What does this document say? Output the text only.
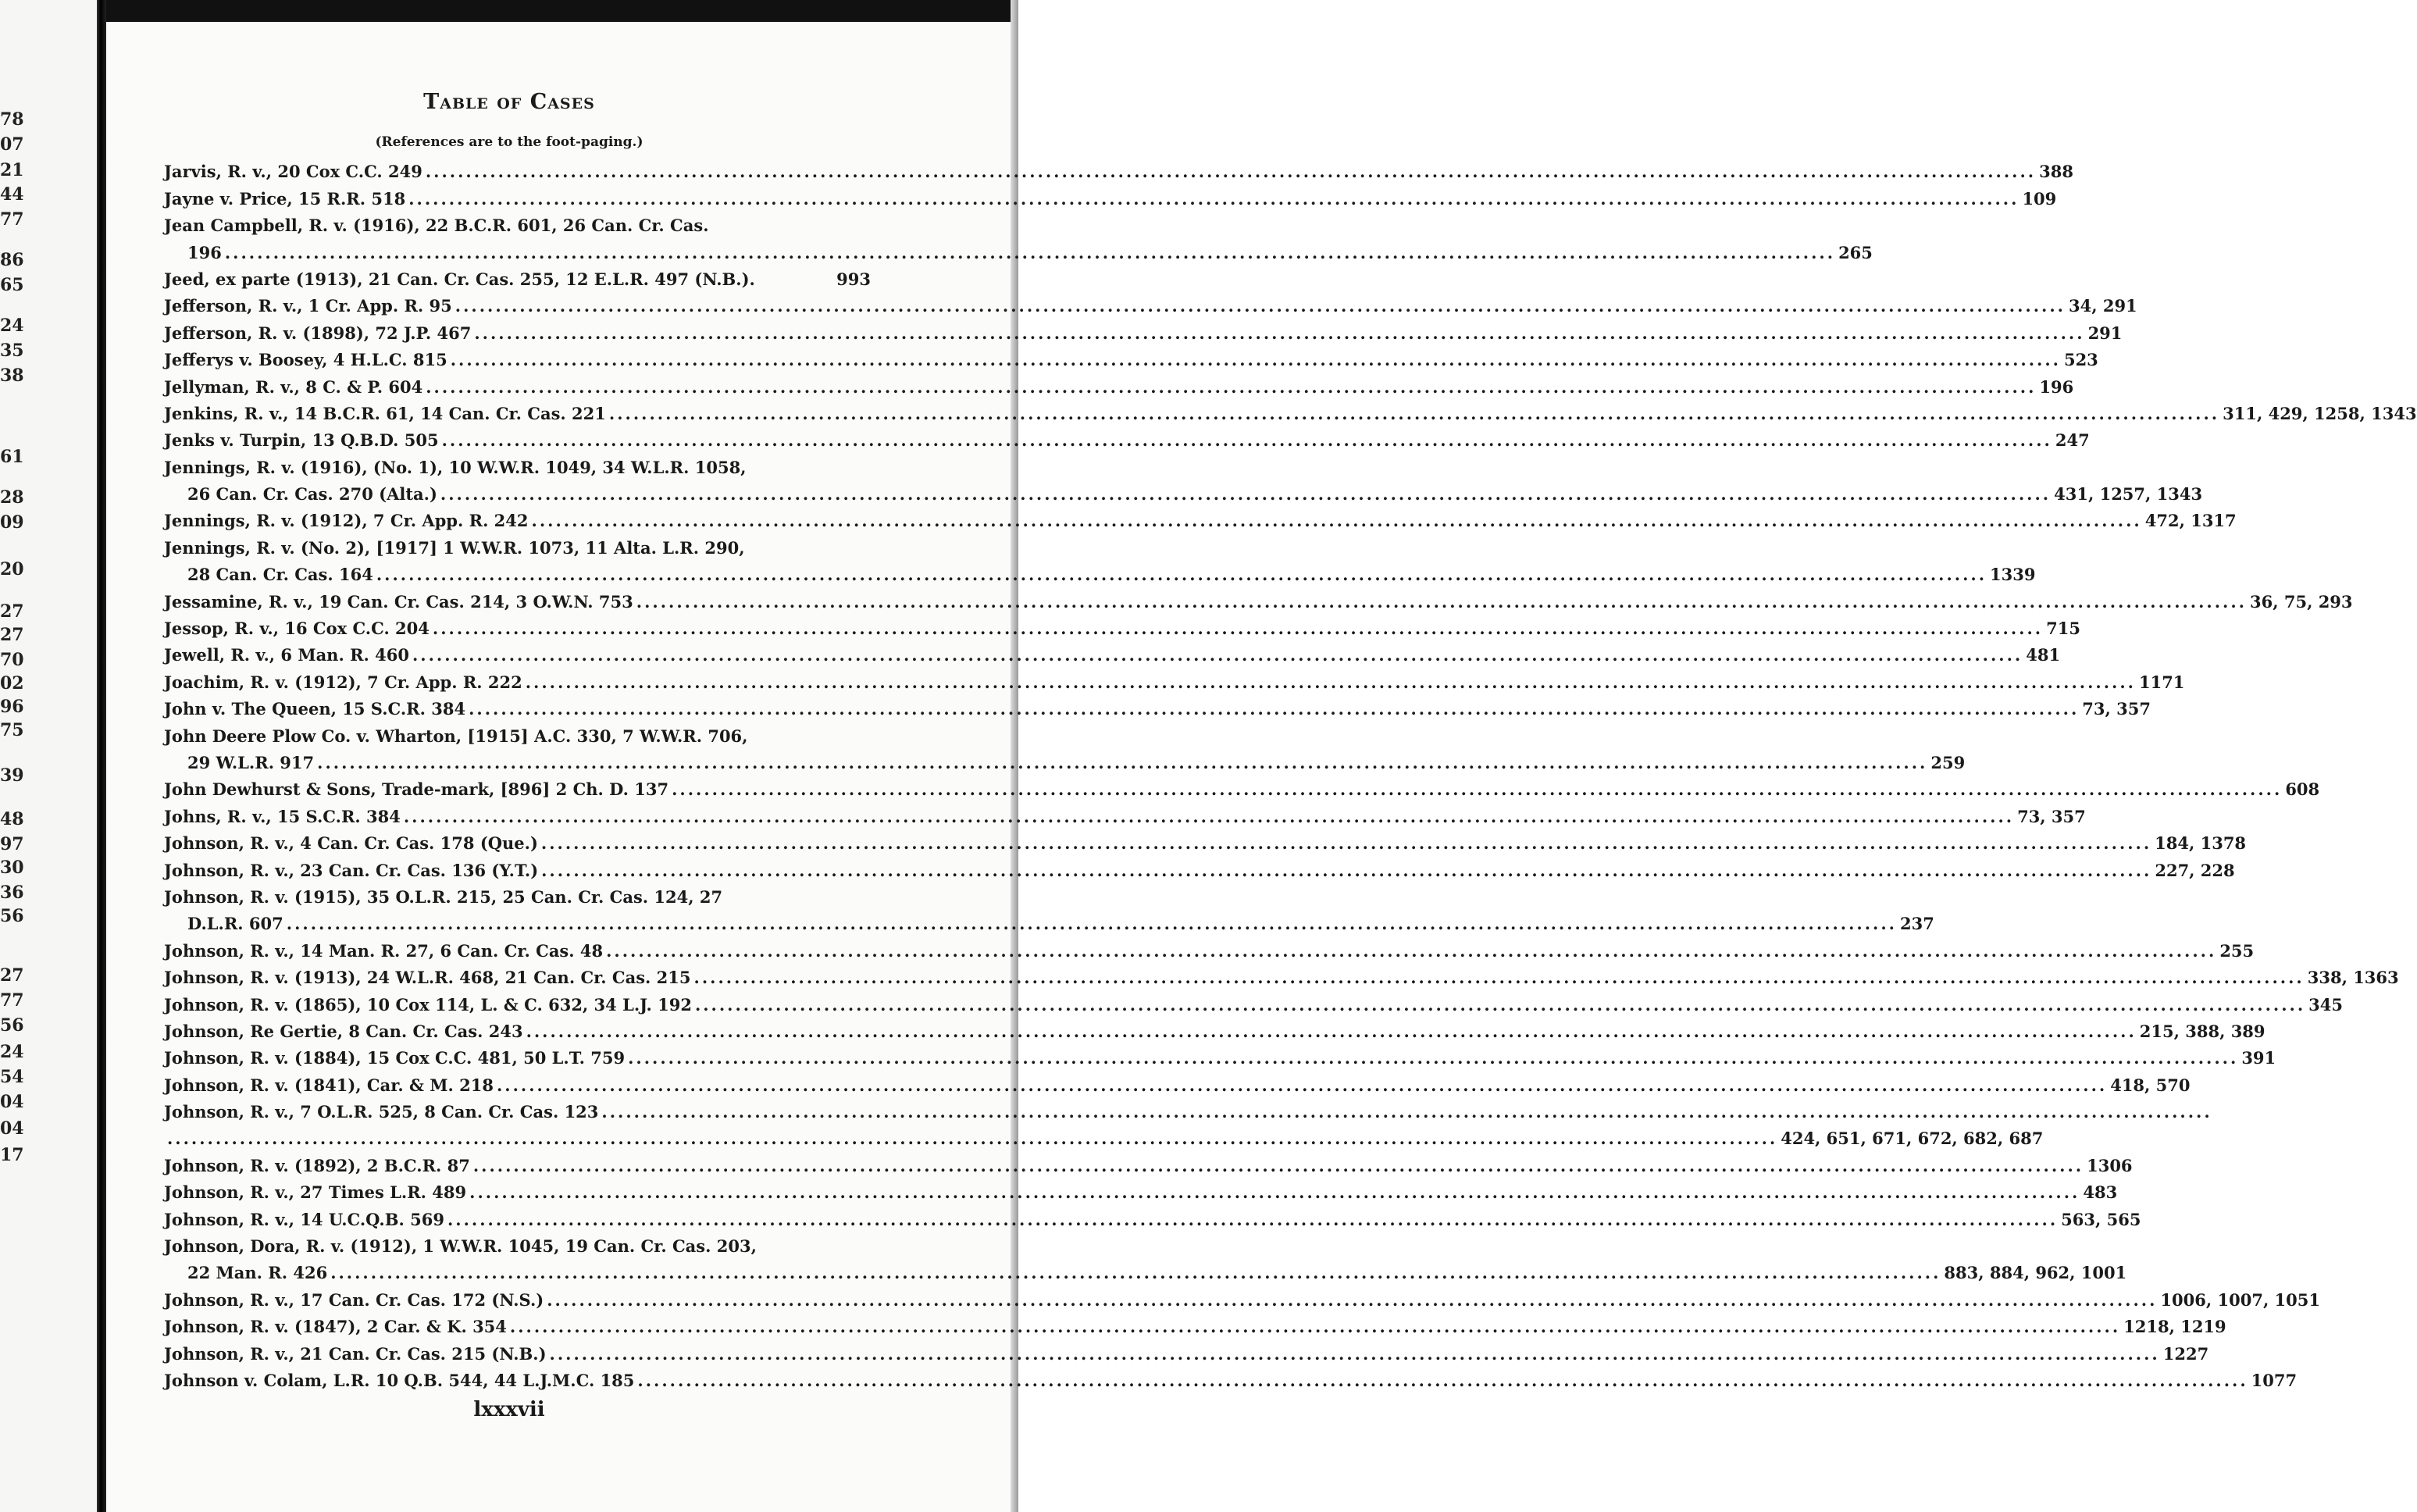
78
07
21
44
77
86
65
24
35
38
61
28
09
20
27
27
70
02
96
75
39
48
97
30
36
56
27
77
56
24
54
04
04
17
Table of Cases
(References are to the foot-paging.)
Jarvis, R. v., 20 Cox C.C. 249 ........................................................................................................................................................................................................ 388
Jayne v. Price, 15 R.R. 518 ........................................................................................................................................................................................................ 109
Jean Campbell, R. v. (1916), 22 B.C.R. 601, 26 Can. Cr. Cas.
196 ........................................................................................................................................................................................................ 265
Jeed, ex parte (1913), 21 Can. Cr. Cas. 255, 12 E.L.R. 497 (N.B.).	993
Jefferson, R. v., 1 Cr. App. R. 95 ........................................................................................................................................................................................................ 34, 291
Jefferson, R. v. (1898), 72 J.P. 467 ........................................................................................................................................................................................................ 291
Jefferys v. Boosey, 4 H.L.C. 815 ........................................................................................................................................................................................................ 523
Jellyman, R. v., 8 C. & P. 604 ........................................................................................................................................................................................................ 196
Jenkins, R. v., 14 B.C.R. 61, 14 Can. Cr. Cas. 221 ........................................................................................................................................................................................................ 311, 429, 1258, 1343
Jenks v. Turpin, 13 Q.B.D. 505 ........................................................................................................................................................................................................ 247
Jennings, R. v. (1916), (No. 1), 10 W.W.R. 1049, 34 W.L.R. 1058,
26 Can. Cr. Cas. 270 (Alta.) ........................................................................................................................................................................................................ 431, 1257, 1343
Jennings, R. v. (1912), 7 Cr. App. R. 242 ........................................................................................................................................................................................................ 472, 1317
Jennings, R. v. (No. 2), [1917] 1 W.W.R. 1073, 11 Alta. L.R. 290,
28 Can. Cr. Cas. 164 ........................................................................................................................................................................................................ 1339
Jessamine, R. v., 19 Can. Cr. Cas. 214, 3 O.W.N. 753 ........................................................................................................................................................................................................ 36, 75, 293
Jessop, R. v., 16 Cox C.C. 204 ........................................................................................................................................................................................................ 715
Jewell, R. v., 6 Man. R. 460 ........................................................................................................................................................................................................ 481
Joachim, R. v. (1912), 7 Cr. App. R. 222 ........................................................................................................................................................................................................ 1171
John v. The Queen, 15 S.C.R. 384 ........................................................................................................................................................................................................ 73, 357
John Deere Plow Co. v. Wharton, [1915] A.C. 330, 7 W.W.R. 706,
29 W.L.R. 917 ........................................................................................................................................................................................................ 259
John Dewhurst & Sons, Trade-mark, [896] 2 Ch. D. 137 ........................................................................................................................................................................................................ 608
Johns, R. v., 15 S.C.R. 384 ........................................................................................................................................................................................................ 73, 357
Johnson, R. v., 4 Can. Cr. Cas. 178 (Que.) ........................................................................................................................................................................................................ 184, 1378
Johnson, R. v., 23 Can. Cr. Cas. 136 (Y.T.) ........................................................................................................................................................................................................ 227, 228
Johnson, R. v. (1915), 35 O.L.R. 215, 25 Can. Cr. Cas. 124, 27
D.L.R. 607 ........................................................................................................................................................................................................ 237
Johnson, R. v., 14 Man. R. 27, 6 Can. Cr. Cas. 48 ........................................................................................................................................................................................................ 255
Johnson, R. v. (1913), 24 W.L.R. 468, 21 Can. Cr. Cas. 215 ........................................................................................................................................................................................................ 338, 1363
Johnson, R. v. (1865), 10 Cox 114, L. & C. 632, 34 L.J. 192 ........................................................................................................................................................................................................ 345
Johnson, Re Gertie, 8 Can. Cr. Cas. 243 ........................................................................................................................................................................................................ 215, 388, 389
Johnson, R. v. (1884), 15 Cox C.C. 481, 50 L.T. 759 ........................................................................................................................................................................................................ 391
Johnson, R. v. (1841), Car. & M. 218 ........................................................................................................................................................................................................ 418, 570
Johnson, R. v., 7 O.L.R. 525, 8 Can. Cr. Cas. 123 ........................................................................................................................................................................................................
........................................................................................................................................................................................................ 424, 651, 671, 672, 682, 687
Johnson, R. v. (1892), 2 B.C.R. 87 ........................................................................................................................................................................................................ 1306
Johnson, R. v., 27 Times L.R. 489 ........................................................................................................................................................................................................ 483
Johnson, R. v., 14 U.C.Q.B. 569 ........................................................................................................................................................................................................ 563, 565
Johnson, Dora, R. v. (1912), 1 W.W.R. 1045, 19 Can. Cr. Cas. 203,
22 Man. R. 426 ........................................................................................................................................................................................................ 883, 884, 962, 1001
Johnson, R. v., 17 Can. Cr. Cas. 172 (N.S.) ........................................................................................................................................................................................................ 1006, 1007, 1051
Johnson, R. v. (1847), 2 Car. & K. 354 ........................................................................................................................................................................................................ 1218, 1219
Johnson, R. v., 21 Can. Cr. Cas. 215 (N.B.) ........................................................................................................................................................................................................ 1227
Johnson v. Colam, L.R. 10 Q.B. 544, 44 L.J.M.C. 185 ........................................................................................................................................................................................................ 1077
lxxxvii
